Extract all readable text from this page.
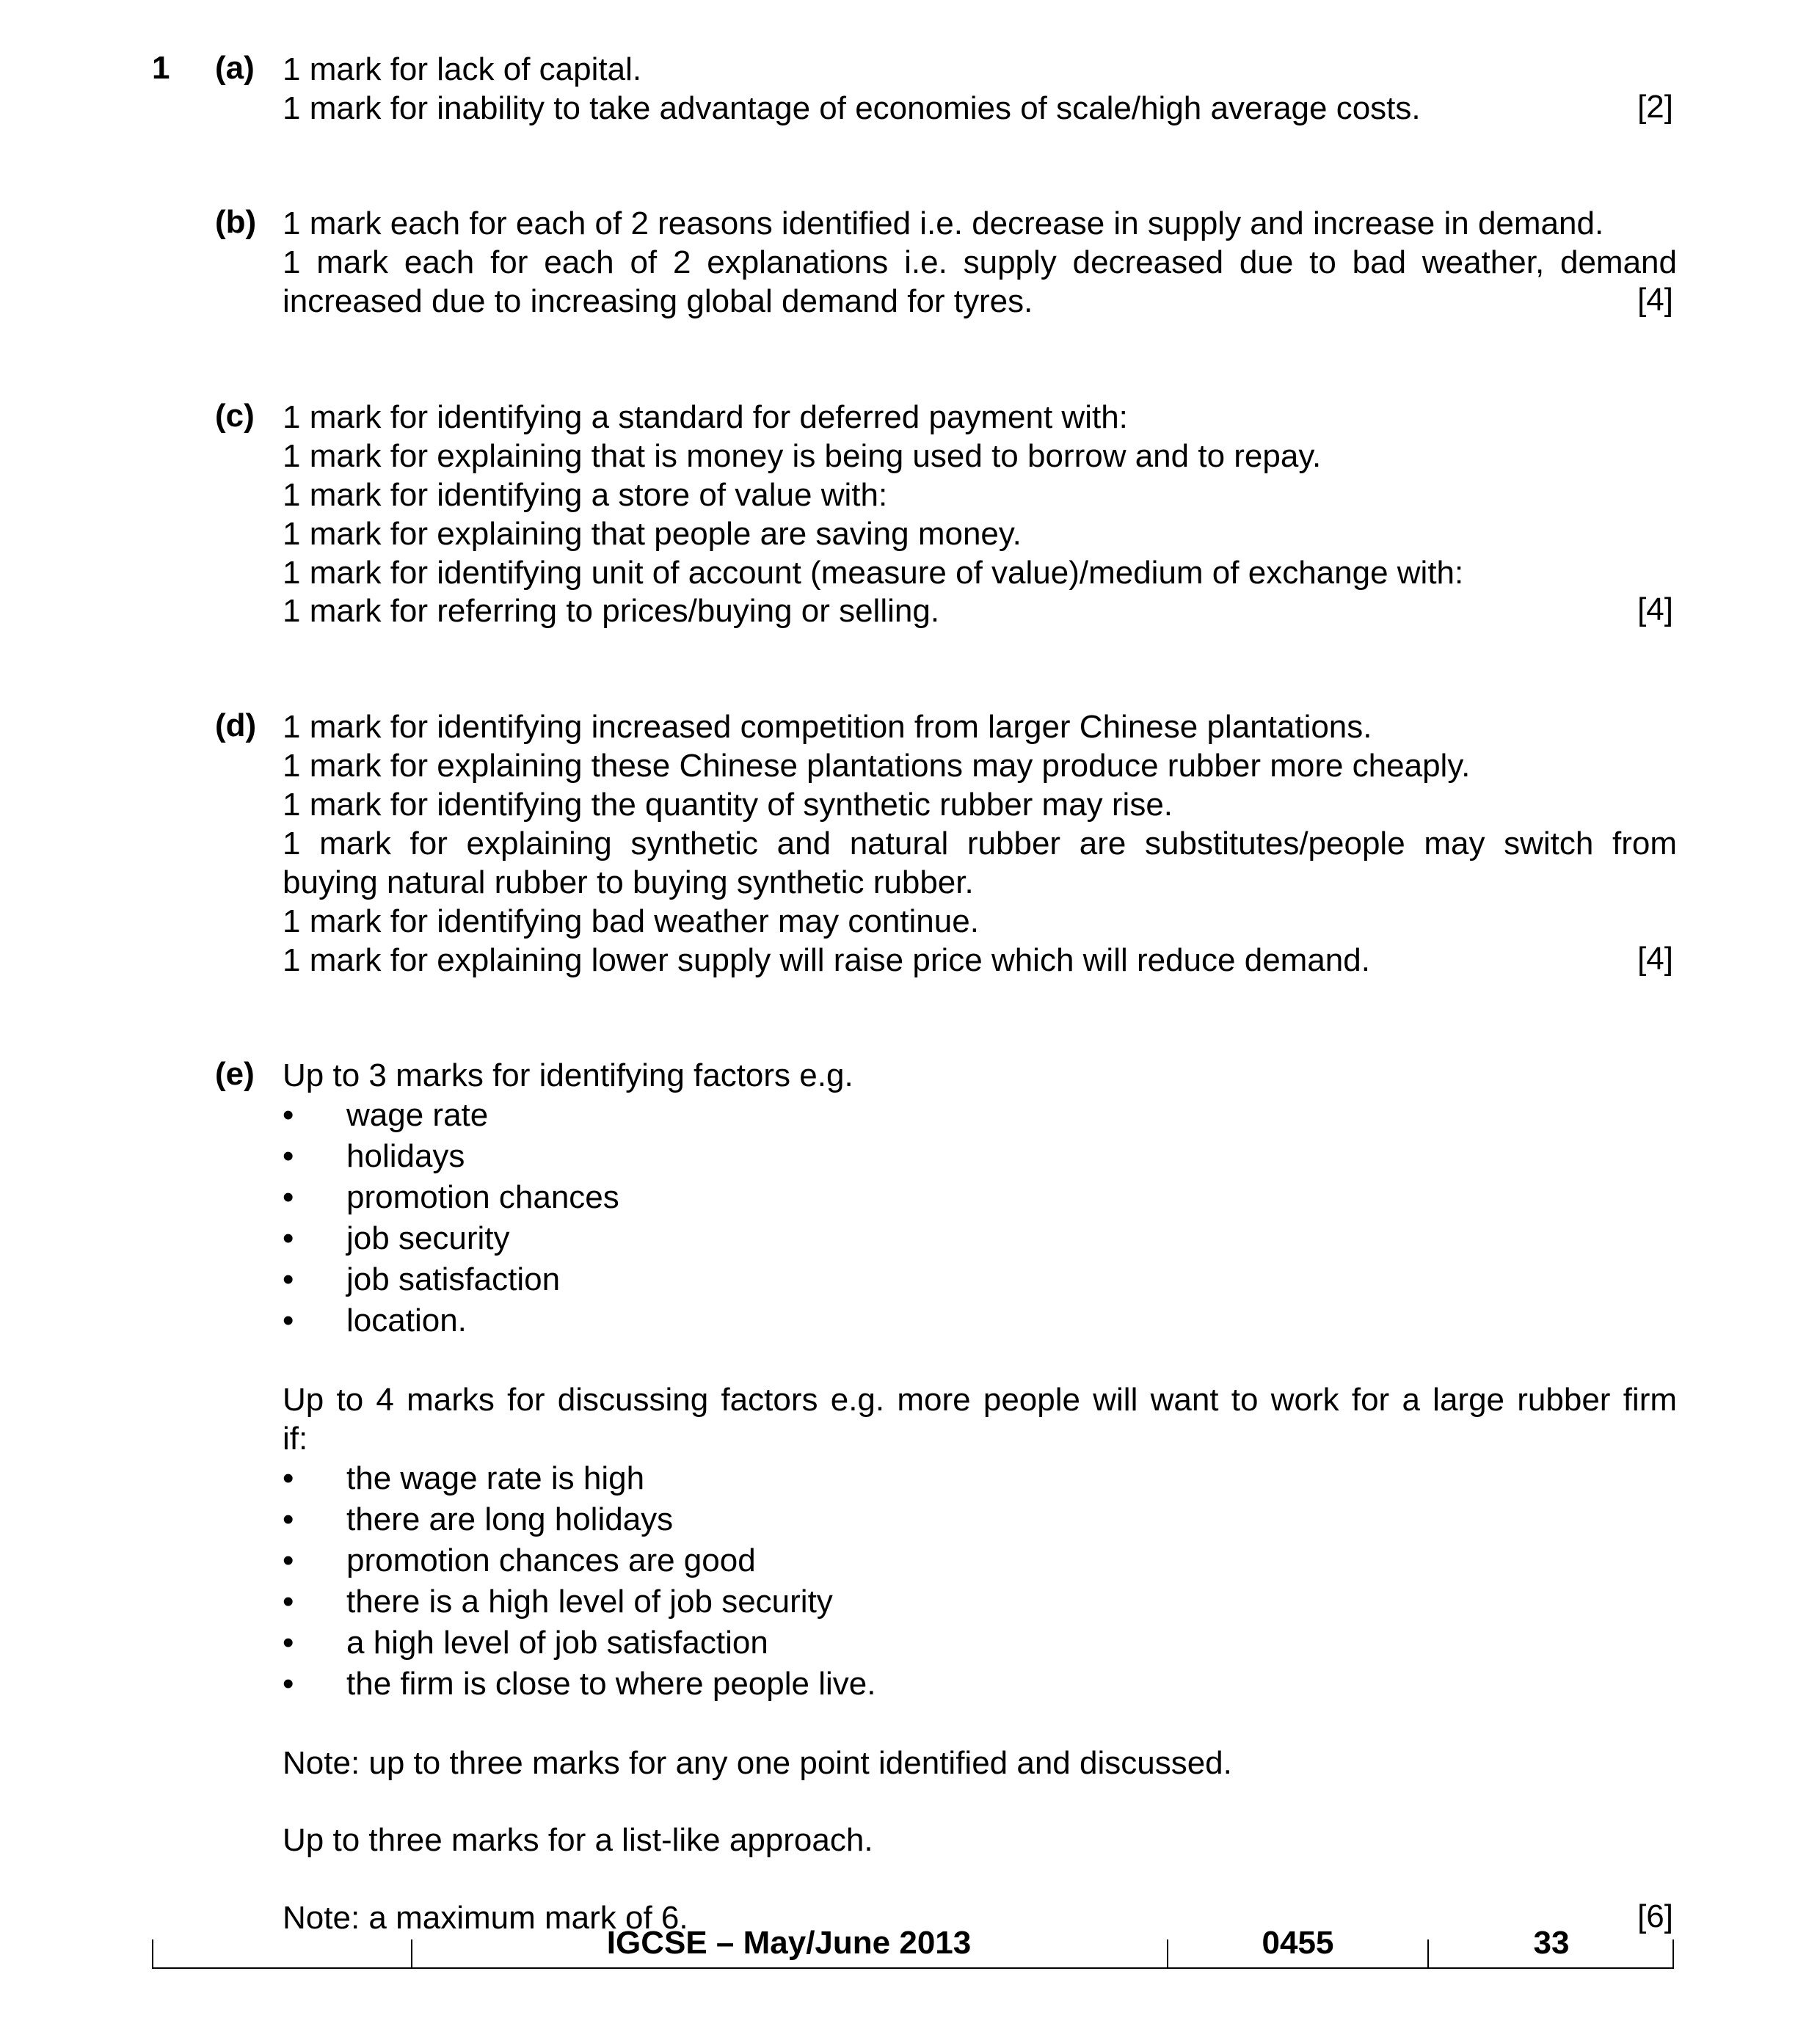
1 (a) 1 mark for lack of capital.
1 mark for inability to take advantage of economies of scale/high average costs.	[2]
(b) 1 mark each for each of 2 reasons identified i.e. decrease in supply and increase in demand.
1 mark each for each of 2 explanations i.e. supply decreased due to bad weather, demand
increased due to increasing global demand for tyres.	[4]
(c) 1 mark for identifying a standard for deferred payment with:
1 mark for explaining that is money is being used to borrow and to repay.
1 mark for identifying a store of value with:
1 mark for explaining that people are saving money.
1 mark for identifying unit of account (measure of value)/medium of exchange with:
1 mark for referring to prices/buying or selling.	[4]
(d) 1 mark for identifying increased competition from larger Chinese plantations.
1 mark for explaining these Chinese plantations may produce rubber more cheaply.
1 mark for identifying the quantity of synthetic rubber may rise.
1 mark for explaining synthetic and natural rubber are substitutes/people may switch from
buying natural rubber to buying synthetic rubber.
1 mark for identifying bad weather may continue.
1 mark for explaining lower supply will raise price which will reduce demand.	[4]
(e) Up to 3 marks for identifying factors e.g.
• wage rate
• holidays
• promotion chances
• job security
• job satisfaction
• location.
Up to 4 marks for discussing factors e.g. more people will want to work for a large rubber firm
if:
• the wage rate is high
• there are long holidays
• promotion chances are good
• there is a high level of job security
• a high level of job satisfaction
• the firm is close to where people live.
Note: up to three marks for any one point identified and discussed.
Up to three marks for a list-like approach.
Note: a maximum mark of 6.	[6]
IGCSE – May/June 2013	0455	33
